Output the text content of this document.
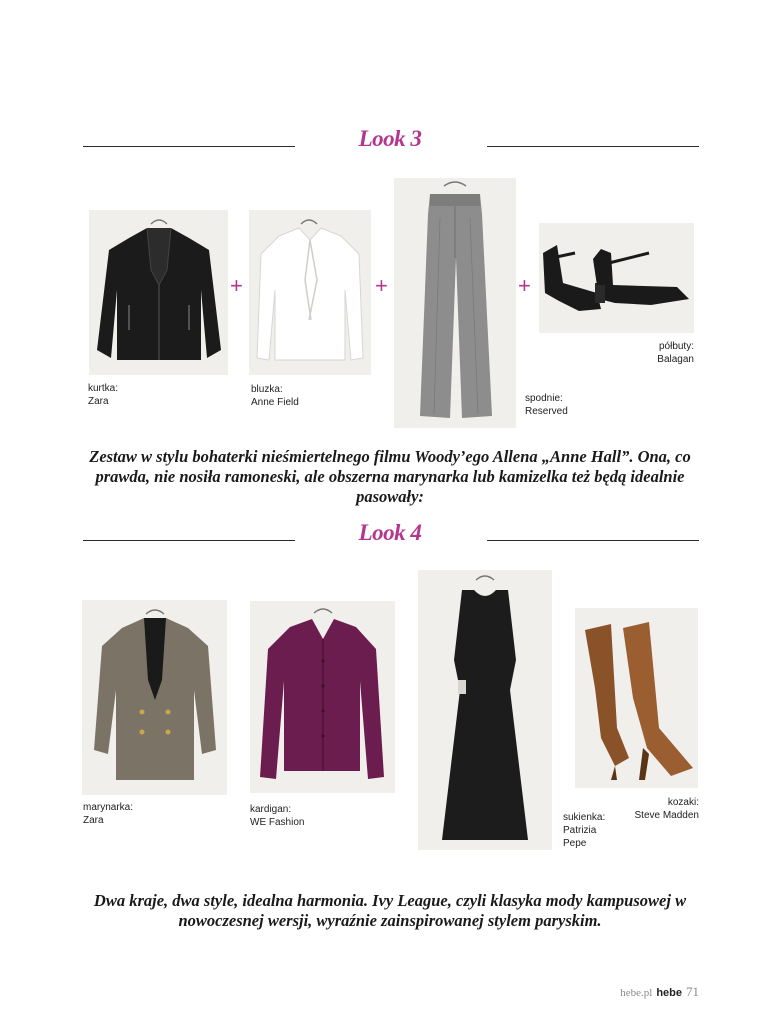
Look 3
+	+	+
kurtka:
Zara
bluzka:
Anne Field	spodnie:
Reserved
półbuty:
Balagan
Zestaw w stylu bohaterki nieśmiertelnego filmu Woody’ego Allena „Anne Hall”. Ona, co prawda, nie nosiła ramoneski, ale obszerna marynarka lub kamizelka też będą idealnie pasowały:
Look 4
marynarka:
Zara
kardigan:
WE Fashion	sukienka:
Patrizia
Pepe
kozaki:
Steve Madden
Dwa kraje, dwa style, idealna harmonia. Ivy League, czyli klasyka mody kampusowej w nowoczesnej wersji, wyraźnie zainspirowanej stylem paryskim.
hebe.pl hebe 71
